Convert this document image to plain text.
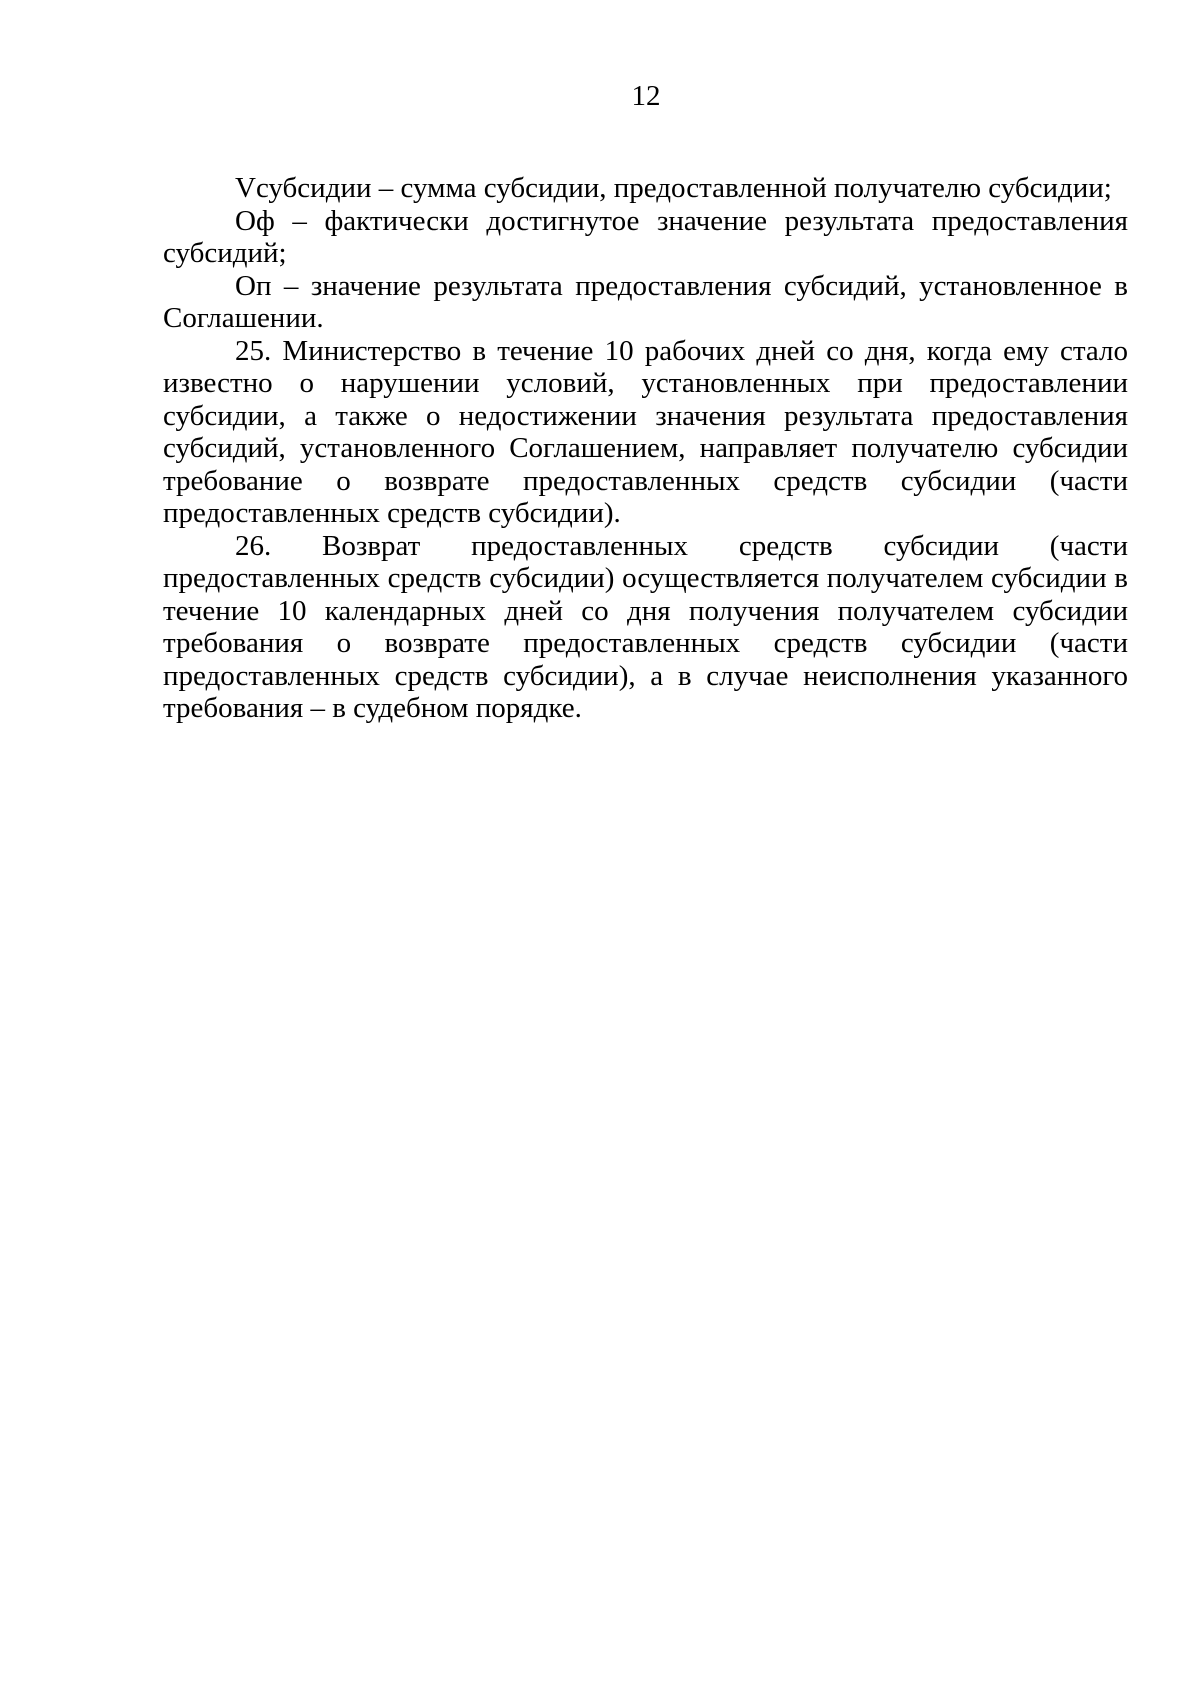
12

Vсубсидии – сумма субсидии, предоставленной получателю субсидии;

Оф – фактически достигнутое значение результата предоставления субсидий;

Оп – значение результата предоставления субсидий, установленное в Соглашении.

25. Министерство в течение 10 рабочих дней со дня, когда ему стало известно о нарушении условий, установленных при предоставлении субсидии, а также о недостижении значения результата предоставления субсидий, установленного Соглашением, направляет получателю субсидии требование о возврате предоставленных средств субсидии (части предоставленных средств субсидии).

26. Возврат предоставленных средств субсидии (части предоставленных средств субсидии) осуществляется получателем субсидии в течение 10 календарных дней со дня получения получателем субсидии требования о возврате предоставленных средств субсидии (части предоставленных средств субсидии), а в случае неисполнения указанного требования – в судебном порядке.
